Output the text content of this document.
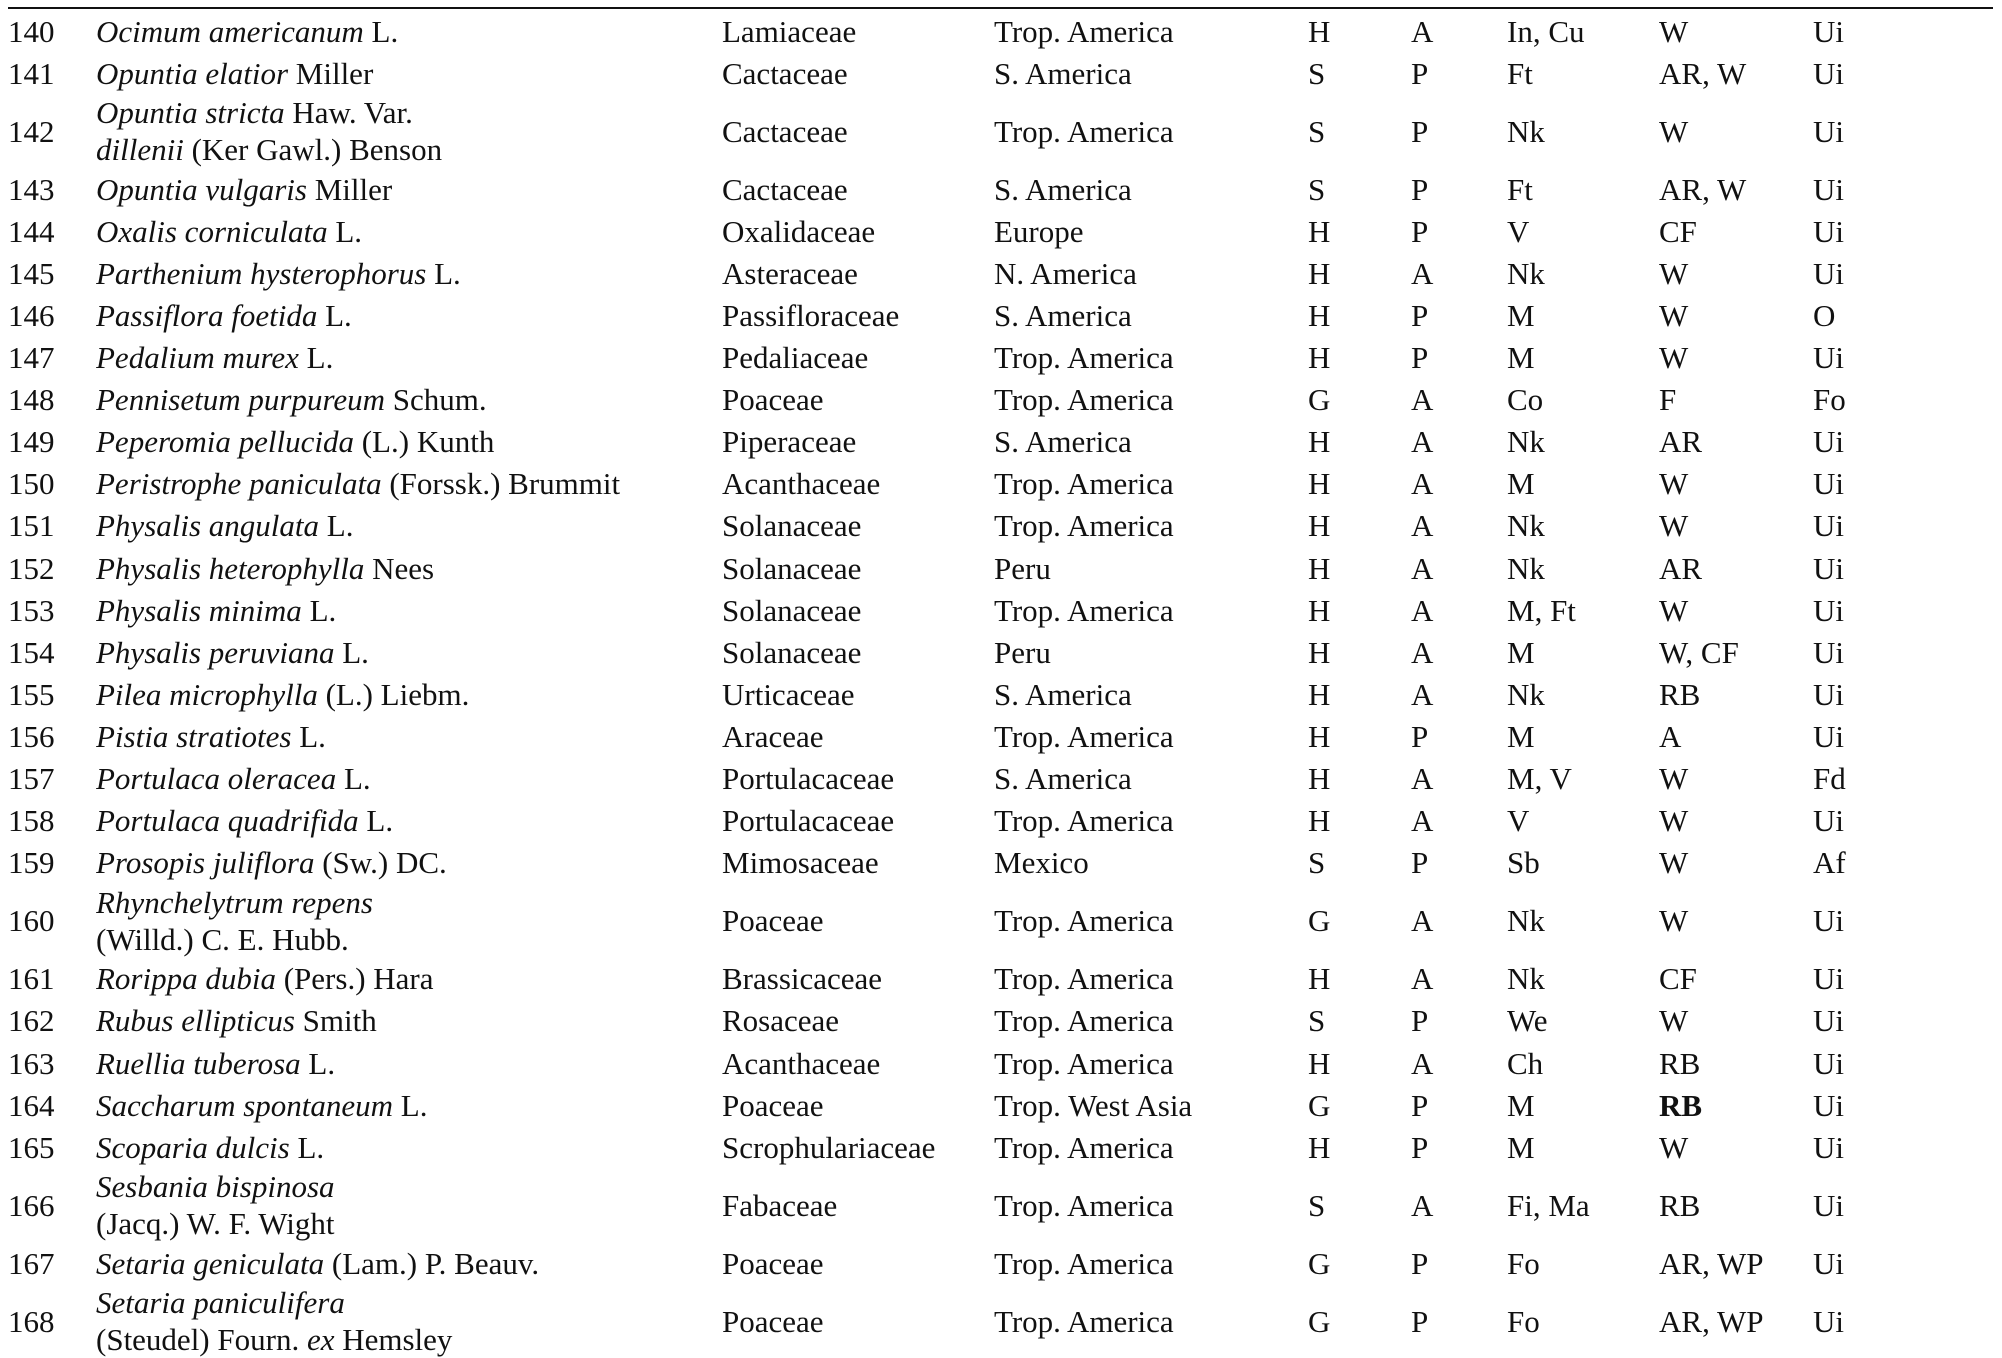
140	Ocimum americanum L.	Lamiaceae	Trop. America	H	A	In, Cu	W	Ui
141	Opuntia elatior Miller	Cactaceae	S. America	S	P	Ft	AR, W	Ui
142	Opuntia stricta Haw. Var.
dillenii (Ker Gawl.) Benson	Cactaceae	Trop. America	S	P	Nk	W	Ui
143	Opuntia vulgaris Miller	Cactaceae	S. America	S	P	Ft	AR, W	Ui
144	Oxalis corniculata L.	Oxalidaceae	Europe	H	P	V	CF	Ui
145	Parthenium hysterophorus L.	Asteraceae	N. America	H	A	Nk	W	Ui
146	Passiflora foetida L.	Passifloraceae	S. America	H	P	M	W	O
147	Pedalium murex L.	Pedaliaceae	Trop. America	H	P	M	W	Ui
148	Pennisetum purpureum Schum.	Poaceae	Trop. America	G	A	Co	F	Fo
149	Peperomia pellucida (L.) Kunth	Piperaceae	S. America	H	A	Nk	AR	Ui
150	Peristrophe paniculata (Forssk.) Brummit	Acanthaceae	Trop. America	H	A	M	W	Ui
151	Physalis angulata L.	Solanaceae	Trop. America	H	A	Nk	W	Ui
152	Physalis heterophylla Nees	Solanaceae	Peru	H	A	Nk	AR	Ui
153	Physalis minima L.	Solanaceae	Trop. America	H	A	M, Ft	W	Ui
154	Physalis peruviana L.	Solanaceae	Peru	H	A	M	W, CF	Ui
155	Pilea microphylla (L.) Liebm.	Urticaceae	S. America	H	A	Nk	RB	Ui
156	Pistia stratiotes L.	Araceae	Trop. America	H	P	M	A	Ui
157	Portulaca oleracea L.	Portulacaceae	S. America	H	A	M, V	W	Fd
158	Portulaca quadrifida L.	Portulacaceae	Trop. America	H	A	V	W	Ui
159	Prosopis juliflora (Sw.) DC.	Mimosaceae	Mexico	S	P	Sb	W	Af
160	Rhynchelytrum repens
(Willd.) C. E. Hubb.	Poaceae	Trop. America	G	A	Nk	W	Ui
161	Rorippa dubia (Pers.) Hara	Brassicaceae	Trop. America	H	A	Nk	CF	Ui
162	Rubus ellipticus Smith	Rosaceae	Trop. America	S	P	We	W	Ui
163	Ruellia tuberosa L.	Acanthaceae	Trop. America	H	A	Ch	RB	Ui
164	Saccharum spontaneum L.	Poaceae	Trop. West Asia	G	P	M	RB	Ui
165	Scoparia dulcis L.	Scrophulariaceae	Trop. America	H	P	M	W	Ui
166	Sesbania bispinosa
(Jacq.) W. F. Wight	Fabaceae	Trop. America	S	A	Fi, Ma	RB	Ui
167	Setaria geniculata (Lam.) P. Beauv.	Poaceae	Trop. America	G	P	Fo	AR, WP	Ui
168	Setaria paniculifera
(Steudel) Fourn. ex Hemsley	Poaceae	Trop. America	G	P	Fo	AR, WP	Ui
